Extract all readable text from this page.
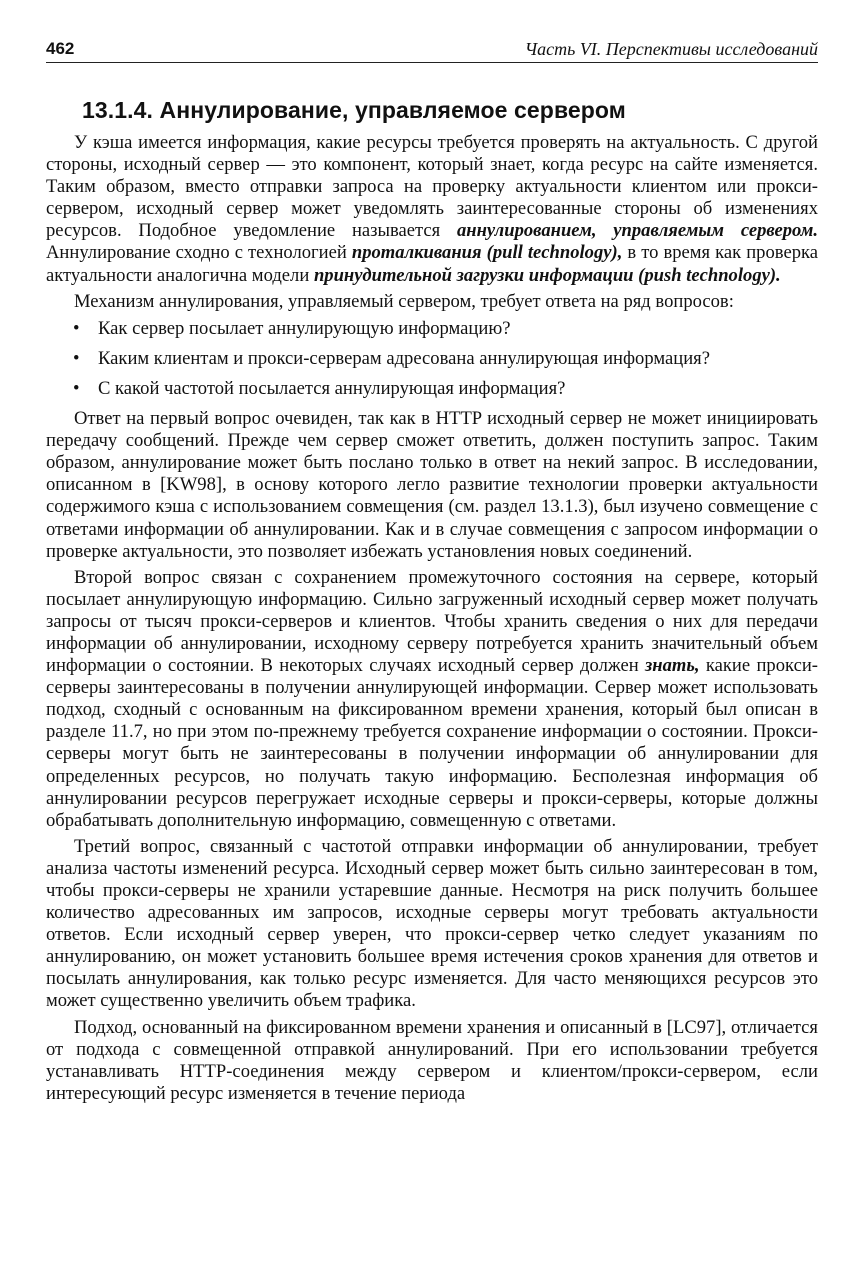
462	Часть VI. Перспективы исследований
13.1.4. Аннулирование, управляемое сервером

У кэша имеется информация, какие ресурсы требуется проверять на актуальность. С другой стороны, исходный сервер — это компонент, который знает, когда ресурс на сайте изменяется. Таким образом, вместо отправки запроса на проверку актуальности клиентом или прокси-сервером, исходный сервер может уведомлять заинтересованные стороны об изменениях ресурсов. Подобное уведомление называется аннулированием, управляемым сервером. Аннулирование сходно с технологией проталкивания (pull technology), в то время как проверка актуальности аналогична модели принудительной загрузки информации (push technology).

Механизм аннулирования, управляемый сервером, требует ответа на ряд вопросов:

• Как сервер посылает аннулирующую информацию?
• Каким клиентам и прокси-серверам адресована аннулирующая информация?
• С какой частотой посылается аннулирующая информация?

Ответ на первый вопрос очевиден, так как в HTTP исходный сервер не может инициировать передачу сообщений. Прежде чем сервер сможет ответить, должен поступить запрос. Таким образом, аннулирование может быть послано только в ответ на некий запрос. В исследовании, описанном в [KW98], в основу которого легло развитие технологии проверки актуальности содержимого кэша с использованием совмещения (см. раздел 13.1.3), был изучено совмещение с ответами информации об аннулировании. Как и в случае совмещения с запросом информации о проверке актуальности, это позволяет избежать установления новых соединений.

Второй вопрос связан с сохранением промежуточного состояния на сервере, который посылает аннулирующую информацию. Сильно загруженный исходный сервер может получать запросы от тысяч прокси-серверов и клиентов. Чтобы хранить сведения о них для передачи информации об аннулировании, исходному серверу потребуется хранить значительный объем информации о состоянии. В некоторых случаях исходный сервер должен знать, какие прокси-серверы заинтересованы в получении аннулирующей информации. Сервер может использовать подход, сходный с основанным на фиксированном времени хранения, который был описан в разделе 11.7, но при этом по-прежнему требуется сохранение информации о состоянии. Прокси-серверы могут быть не заинтересованы в получении информации об аннулировании для определенных ресурсов, но получать такую информацию. Бесполезная информация об аннулировании ресурсов перегружает исходные серверы и прокси-серверы, которые должны обрабатывать дополнительную информацию, совмещенную с ответами.

Третий вопрос, связанный с частотой отправки информации об аннулировании, требует анализа частоты изменений ресурса. Исходный сервер может быть сильно заинтересован в том, чтобы прокси-серверы не хранили устаревшие данные. Несмотря на риск получить большее количество адресованных им запросов, исходные серверы могут требовать актуальности ответов. Если исходный сервер уверен, что прокси-сервер четко следует указаниям по аннулированию, он может установить большее время истечения сроков хранения для ответов и посылать аннулирования, как только ресурс изменяется. Для часто меняющихся ресурсов это может существенно увеличить объем трафика.

Подход, основанный на фиксированном времени хранения и описанный в [LC97], отличается от подхода с совмещенной отправкой аннулирований. При его использовании требуется устанавливать HTTP-соединения между сервером и клиентом/прокси-сервером, если интересующий ресурс изменяется в течение периода
